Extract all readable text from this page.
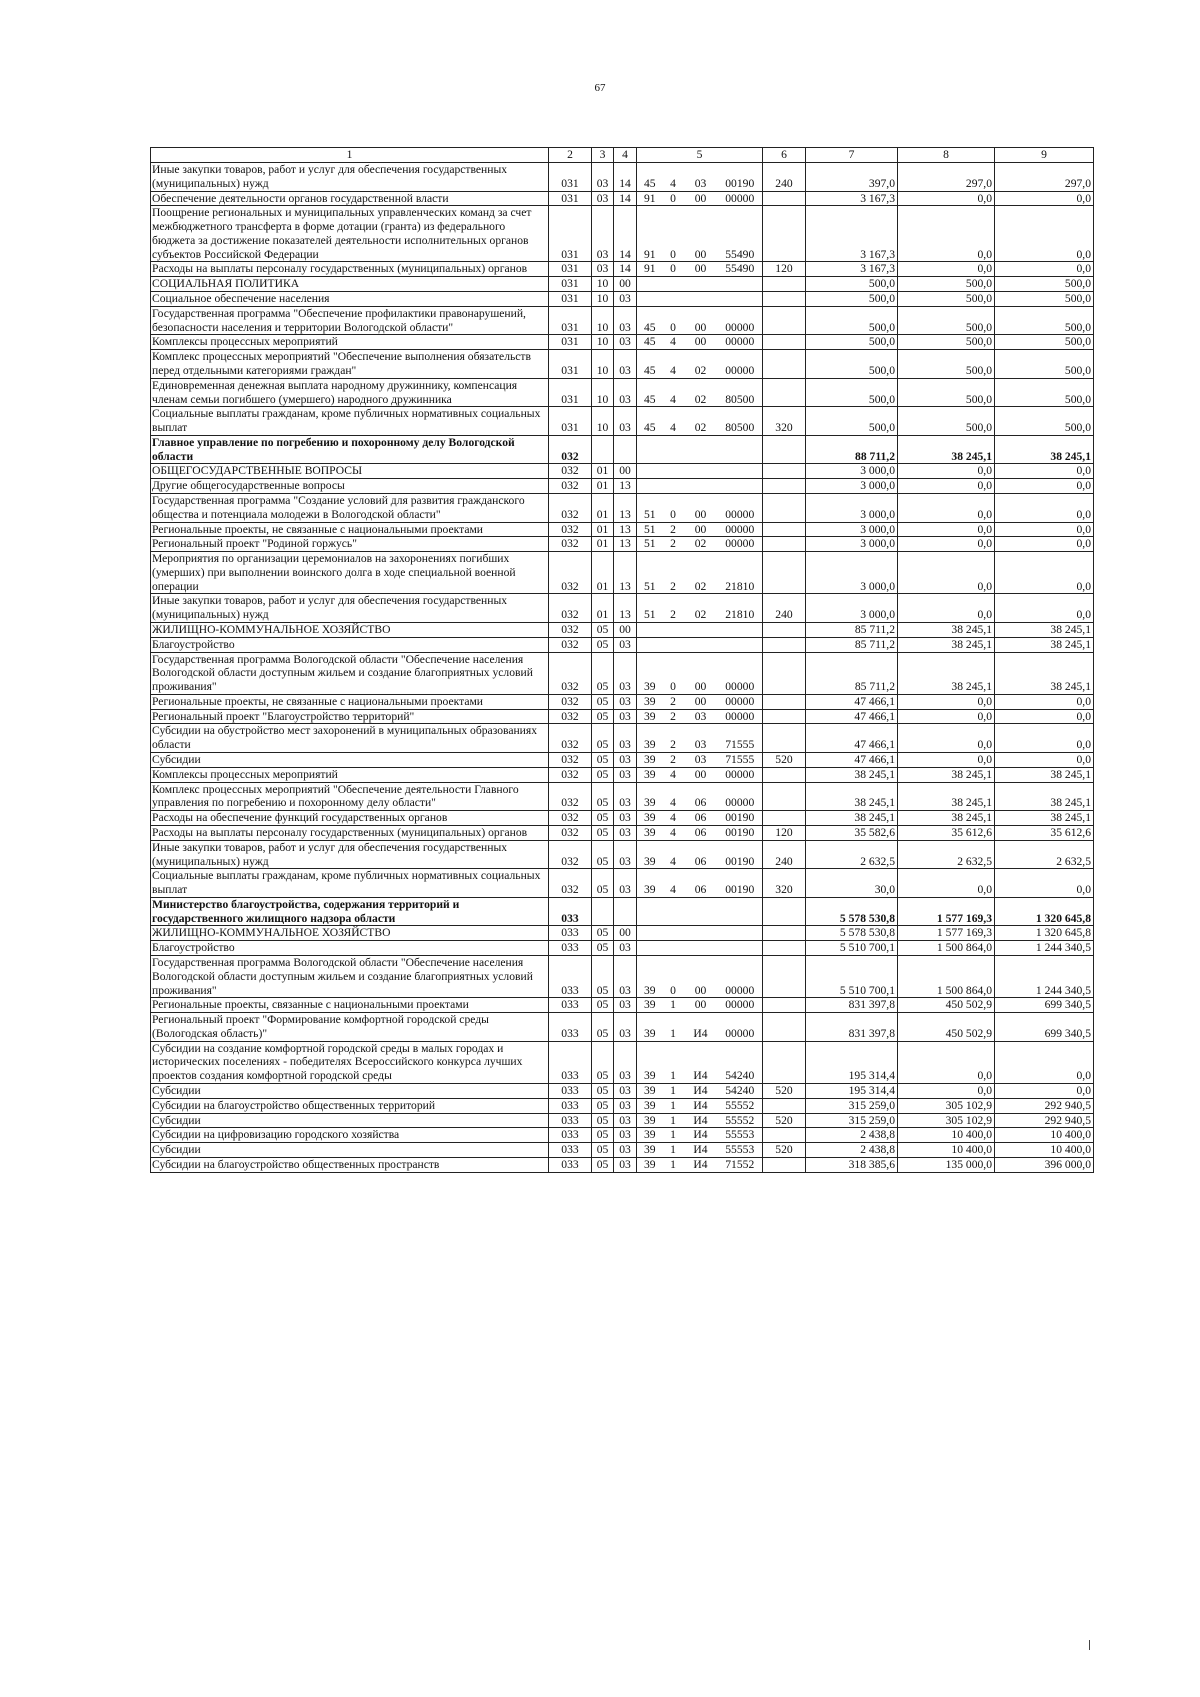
67
1	2	3	4	5				6	7	8	9
Иные закупки товаров, работ и услуг для обеспечения государственных (муниципальных) нужд	031	03	14	45	4	03	00190	240	397,0	297,0	297,0
Обеспечение деятельности органов государственной власти	031	03	14	91	0	00	00000		3 167,3	0,0	0,0
Поощрение региональных и муниципальных управленческих команд за счет межбюджетного трансферта в форме дотации (гранта) из федерального бюджета за достижение показателей деятельности исполнительных органов субъектов Российской Федерации	031	03	14	91	0	00	55490		3 167,3	0,0	0,0
Расходы на выплаты персоналу государственных (муниципальных) органов	031	03	14	91	0	00	55490	120	3 167,3	0,0	0,0
СОЦИАЛЬНАЯ ПОЛИТИКА	031	10	00						500,0	500,0	500,0
Социальное обеспечение населения	031	10	03						500,0	500,0	500,0
Государственная программа "Обеспечение профилактики правонарушений, безопасности населения и территории Вологодской области"	031	10	03	45	0	00	00000		500,0	500,0	500,0
Комплексы процессных мероприятий	031	10	03	45	4	00	00000		500,0	500,0	500,0
Комплекс процессных мероприятий "Обеспечение выполнения обязательств перед отдельными категориями граждан"	031	10	03	45	4	02	00000		500,0	500,0	500,0
Единовременная денежная выплата народному дружиннику, компенсация членам семьи погибшего (умершего) народного дружинника	031	10	03	45	4	02	80500		500,0	500,0	500,0
Социальные выплаты гражданам, кроме публичных нормативных социальных выплат	031	10	03	45	4	02	80500	320	500,0	500,0	500,0
Главное управление по погребению и похоронному делу Вологодской области	032								88 711,2	38 245,1	38 245,1
ОБЩЕГОСУДАРСТВЕННЫЕ ВОПРОСЫ	032	01	00						3 000,0	0,0	0,0
Другие общегосударственные вопросы	032	01	13						3 000,0	0,0	0,0
Государственная программа "Создание условий для развития гражданского общества и потенциала молодежи в Вологодской области"	032	01	13	51	0	00	00000		3 000,0	0,0	0,0
Региональные проекты, не связанные с национальными проектами	032	01	13	51	2	00	00000		3 000,0	0,0	0,0
Региональный проект "Родиной горжусь"	032	01	13	51	2	02	00000		3 000,0	0,0	0,0
Мероприятия по организации церемониалов на захоронениях погибших (умерших) при выполнении воинского долга в ходе специальной военной операции	032	01	13	51	2	02	21810		3 000,0	0,0	0,0
Иные закупки товаров, работ и услуг для обеспечения государственных (муниципальных) нужд	032	01	13	51	2	02	21810	240	3 000,0	0,0	0,0
ЖИЛИЩНО-КОММУНАЛЬНОЕ ХОЗЯЙСТВО	032	05	00						85 711,2	38 245,1	38 245,1
Благоустройство	032	05	03						85 711,2	38 245,1	38 245,1
Государственная программа Вологодской области "Обеспечение населения Вологодской области доступным жильем и создание благоприятных условий проживания"	032	05	03	39	0	00	00000		85 711,2	38 245,1	38 245,1
Региональные проекты, не связанные с национальными проектами	032	05	03	39	2	00	00000		47 466,1	0,0	0,0
Региональный проект "Благоустройство территорий"	032	05	03	39	2	03	00000		47 466,1	0,0	0,0
Субсидии на обустройство мест захоронений в муниципальных образованиях области	032	05	03	39	2	03	71555		47 466,1	0,0	0,0
Субсидии	032	05	03	39	2	03	71555	520	47 466,1	0,0	0,0
Комплексы процессных мероприятий	032	05	03	39	4	00	00000		38 245,1	38 245,1	38 245,1
Комплекс процессных мероприятий "Обеспечение деятельности Главного управления по погребению и похоронному делу области"	032	05	03	39	4	06	00000		38 245,1	38 245,1	38 245,1
Расходы на обеспечение функций государственных органов	032	05	03	39	4	06	00190		38 245,1	38 245,1	38 245,1
Расходы на выплаты персоналу государственных (муниципальных) органов	032	05	03	39	4	06	00190	120	35 582,6	35 612,6	35 612,6
Иные закупки товаров, работ и услуг для обеспечения государственных (муниципальных) нужд	032	05	03	39	4	06	00190	240	2 632,5	2 632,5	2 632,5
Социальные выплаты гражданам, кроме публичных нормативных социальных выплат	032	05	03	39	4	06	00190	320	30,0	0,0	0,0
Министерство благоустройства, содержания территорий и государственного жилищного надзора области	033								5 578 530,8	1 577 169,3	1 320 645,8
ЖИЛИЩНО-КОММУНАЛЬНОЕ ХОЗЯЙСТВО	033	05	00						5 578 530,8	1 577 169,3	1 320 645,8
Благоустройство	033	05	03						5 510 700,1	1 500 864,0	1 244 340,5
Государственная программа Вологодской области "Обеспечение населения Вологодской области доступным жильем и создание благоприятных условий проживания"	033	05	03	39	0	00	00000		5 510 700,1	1 500 864,0	1 244 340,5
Региональные проекты, связанные с национальными проектами	033	05	03	39	1	00	00000		831 397,8	450 502,9	699 340,5
Региональный проект "Формирование комфортной городской среды (Вологодская область)"	033	05	03	39	1	И4	00000		831 397,8	450 502,9	699 340,5
Субсидии на создание комфортной городской среды в малых городах и исторических поселениях - победителях Всероссийского конкурса лучших проектов создания комфортной городской среды	033	05	03	39	1	И4	54240		195 314,4	0,0	0,0
Субсидии	033	05	03	39	1	И4	54240	520	195 314,4	0,0	0,0
Субсидии на благоустройство общественных территорий	033	05	03	39	1	И4	55552		315 259,0	305 102,9	292 940,5
Субсидии	033	05	03	39	1	И4	55552	520	315 259,0	305 102,9	292 940,5
Субсидии на цифровизацию городского хозяйства	033	05	03	39	1	И4	55553		2 438,8	10 400,0	10 400,0
Субсидии	033	05	03	39	1	И4	55553	520	2 438,8	10 400,0	10 400,0
Субсидии на благоустройство общественных пространств	033	05	03	39	1	И4	71552		318 385,6	135 000,0	396 000,0
